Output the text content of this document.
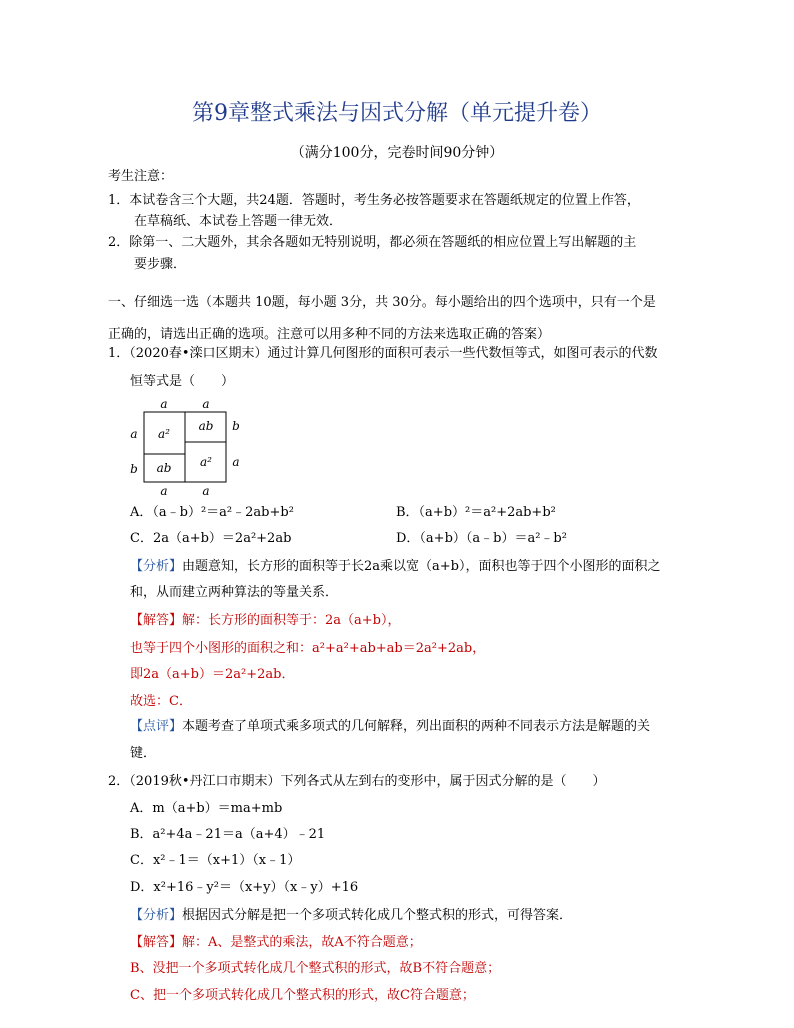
第9章整式乘法与因式分解（单元提升卷）
（满分100分，完卷时间90分钟）
考生注意：
1．本试卷含三个大题，共24题．答题时，考生务必按答题要求在答题纸规定的位置上作答，
在草稿纸、本试卷上答题一律无效．
2．除第一、二大题外，其余各题如无特别说明，都必须在答题纸的相应位置上写出解题的主
要步骤．
一、仔细选一选（本题共 10题，每小题 3分，共 30分。每小题给出的四个选项中，只有一个是
正确的，请选出正确的选项。注意可以用多种不同的方法来选取正确的答案）
1．（2020春•滦口区期末）通过计算几何图形的面积可表示一些代数恒等式，如图可表示的代数
恒等式是（　　）
a	a
a	a
a
b
b
a
a²
ab
ab a²
A．（a﹣b）²＝a²﹣2ab+b²	B．（a+b）²＝a²+2ab+b²
C．2a（a+b）＝2a²+2ab	D．（a+b）（a﹣b）＝a²﹣b²
【分析】由题意知，长方形的面积等于长2a乘以宽（a+b），面积也等于四个小图形的面积之
和，从而建立两种算法的等量关系．
【解答】解：长方形的面积等于：2a（a+b），
也等于四个小图形的面积之和：a²+a²+ab+ab＝2a²+2ab，
即2a（a+b）＝2a²+2ab．
故选：C．
【点评】本题考查了单项式乘多项式的几何解释，列出面积的两种不同表示方法是解题的关
键．
2．（2019秋•丹江口市期末）下列各式从左到右的变形中，属于因式分解的是（　　）
A．m（a+b）＝ma+mb
B．a²+4a﹣21＝a（a+4）﹣21
C．x²﹣1＝（x+1）（x﹣1）
D．x²+16﹣y²＝（x+y）（x﹣y）+16
【分析】根据因式分解是把一个多项式转化成几个整式积的形式，可得答案．
【解答】解：A、是整式的乘法，故A不符合题意；
B、没把一个多项式转化成几个整式积的形式，故B不符合题意；
C、把一个多项式转化成几个整式积的形式，故C符合题意；
